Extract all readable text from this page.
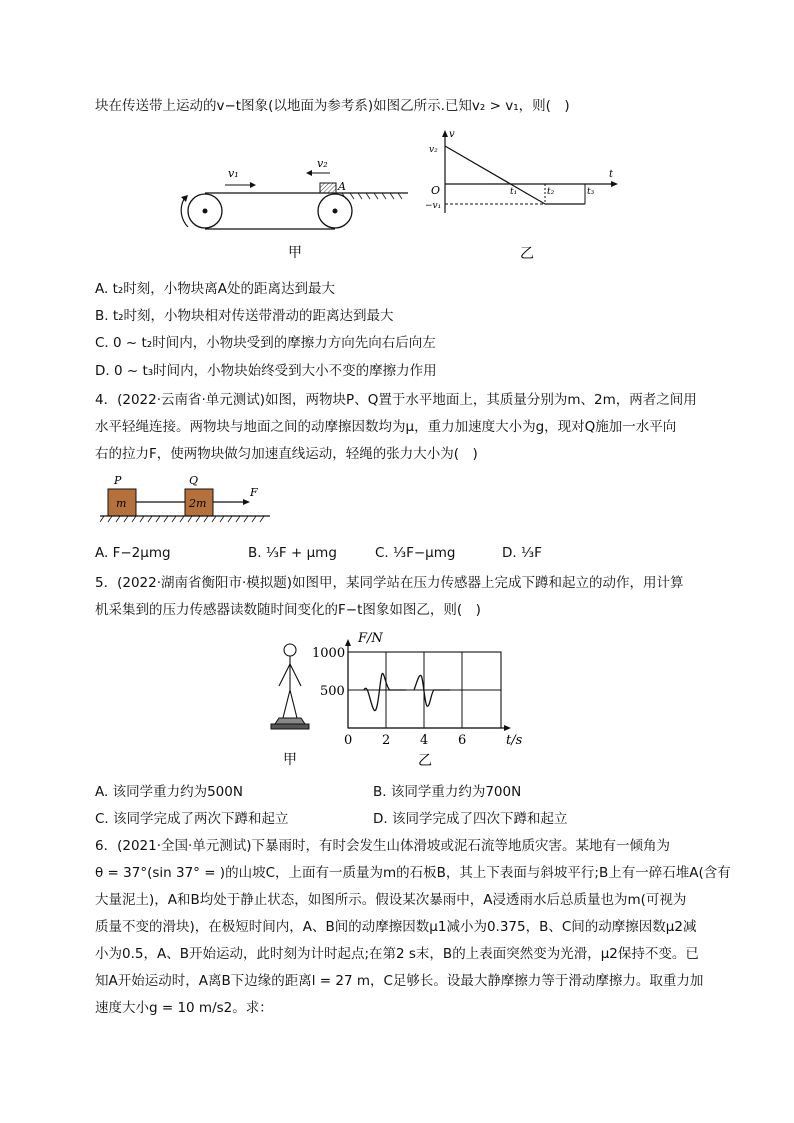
块在传送带上运动的v−t图象(以地面为参考系)如图乙所示.已知v₂ > v₁，则(　)
v₁
v₂
A
甲
v
t
O
v₂
−v₁
t₁	t₂	t₃
乙
A. t₂时刻，小物块离A处的距离达到最大
B. t₂时刻，小物块相对传送带滑动的距离达到最大
C. 0 ~ t₂时间内，小物块受到的摩擦力方向先向右后向左
D. 0 ~ t₃时间内，小物块始终受到大小不变的摩擦力作用
4．(2022·云南省·单元测试)如图，两物块P、Q置于水平地面上，其质量分别为m、2m，两者之间用
水平轻绳连接。两物块与地面之间的动摩擦因数均为μ，重力加速度大小为g，现对Q施加一水平向
右的拉力F，使两物块做匀加速直线运动，轻绳的张力大小为(　)
P	Q
m	2m
F
A. F−2μmg	B. ⅓F + μmg	C. ⅓F−μmg	D. ⅓F
5．(2022·湖南省衡阳市·模拟题)如图甲，某同学站在压力传感器上完成下蹲和起立的动作，用计算
机采集到的压力传感器读数随时间变化的F−t图象如图乙，则(　)
甲
F/N
1000
500
0 2 4 6	t/s
乙
A. 该同学重力约为500N	B. 该同学重力约为700N
C. 该同学完成了两次下蹲和起立	D. 该同学完成了四次下蹲和起立
6．(2021·全国·单元测试)下暴雨时，有时会发生山体滑坡或泥石流等地质灾害。某地有一倾角为
θ = 37°(sin 37° = )的山坡C，上面有一质量为m的石板B，其上下表面与斜坡平行;B上有一碎石堆A(含有
大量泥土)，A和B均处于静止状态，如图所示。假设某次暴雨中，A浸透雨水后总质量也为m(可视为
质量不变的滑块)，在极短时间内，A、B间的动摩擦因数μ1减小为0.375，B、C间的动摩擦因数μ2减
小为0.5，A、B开始运动，此时刻为计时起点;在第2 s末，B的上表面突然变为光滑，μ2保持不变。已
知A开始运动时，A离B下边缘的距离l = 27 m，C足够长。设最大静摩擦力等于滑动摩擦力。取重力加
速度大小g = 10 m/s2。求：
